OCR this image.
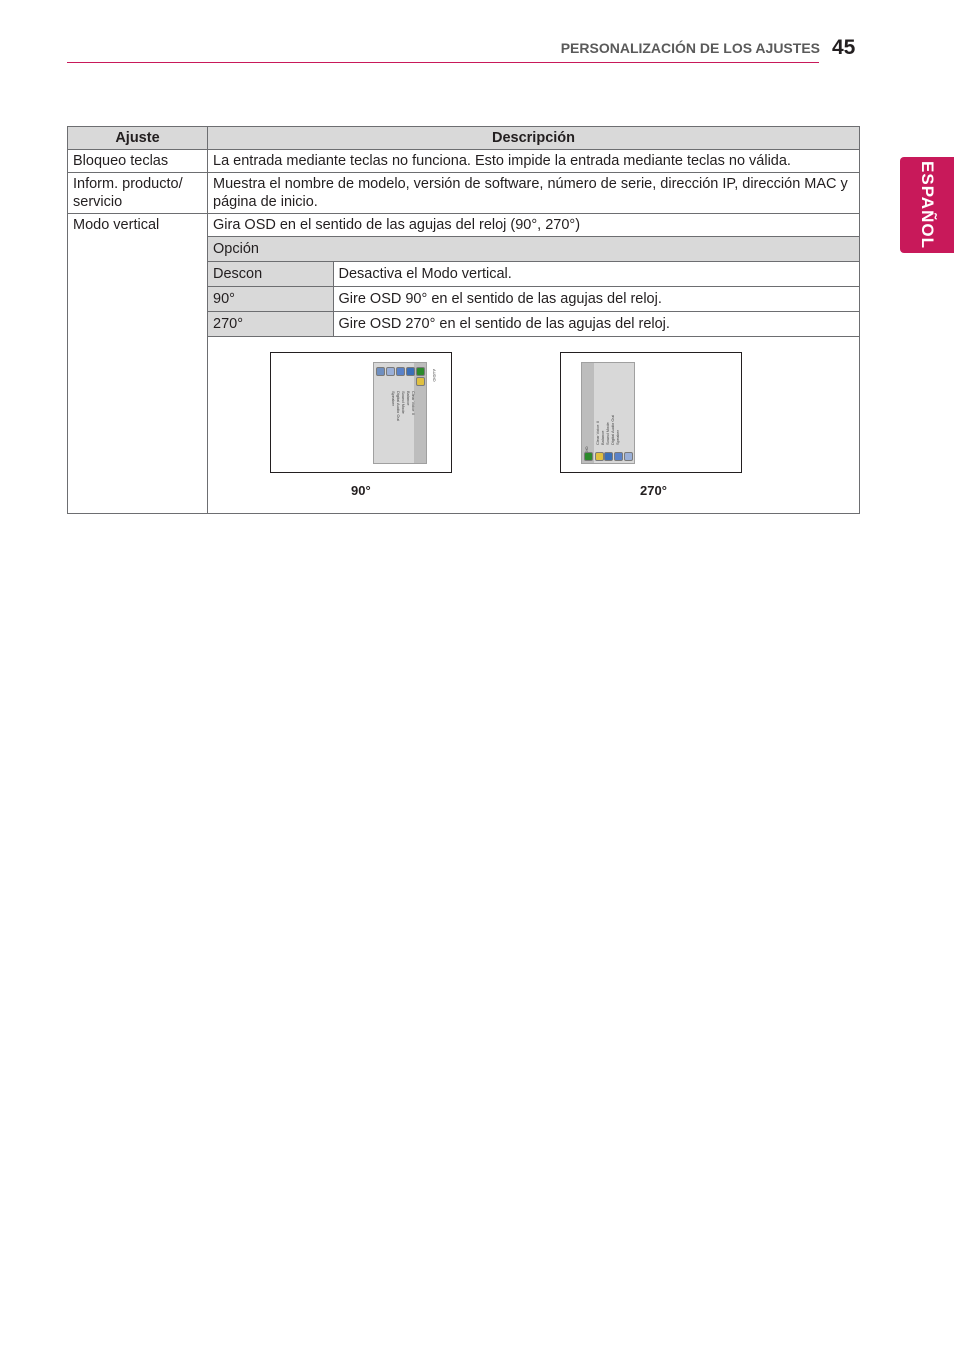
PERSONALIZACIÓN DE LOS AJUSTES 45
ESPAÑOL
Ajuste	Descripción
Bloqueo teclas	La entrada mediante teclas no funciona. Esto impide la entrada mediante teclas no válida.
Inform. producto/ servicio	Muestra el nombre de modelo, versión de software, número de serie, dirección IP, dirección MAC y página de inicio.
Modo vertical	Gira OSD en el sentido de las agujas del reloj (90°, 270°)

Opción
Descon	Desactiva el Modo vertical.
90°	Gire OSD 90° en el sentido de las agujas del reloj.
270°	Gire OSD 270° en el sentido de las agujas del reloj.

AUDIO
Clear Voice II
Balance
Sound Mode
Digital Audio Out
Speaker
Clear Voice II Balance Sound Mode Digital Audio Out Speaker
90°	270°
